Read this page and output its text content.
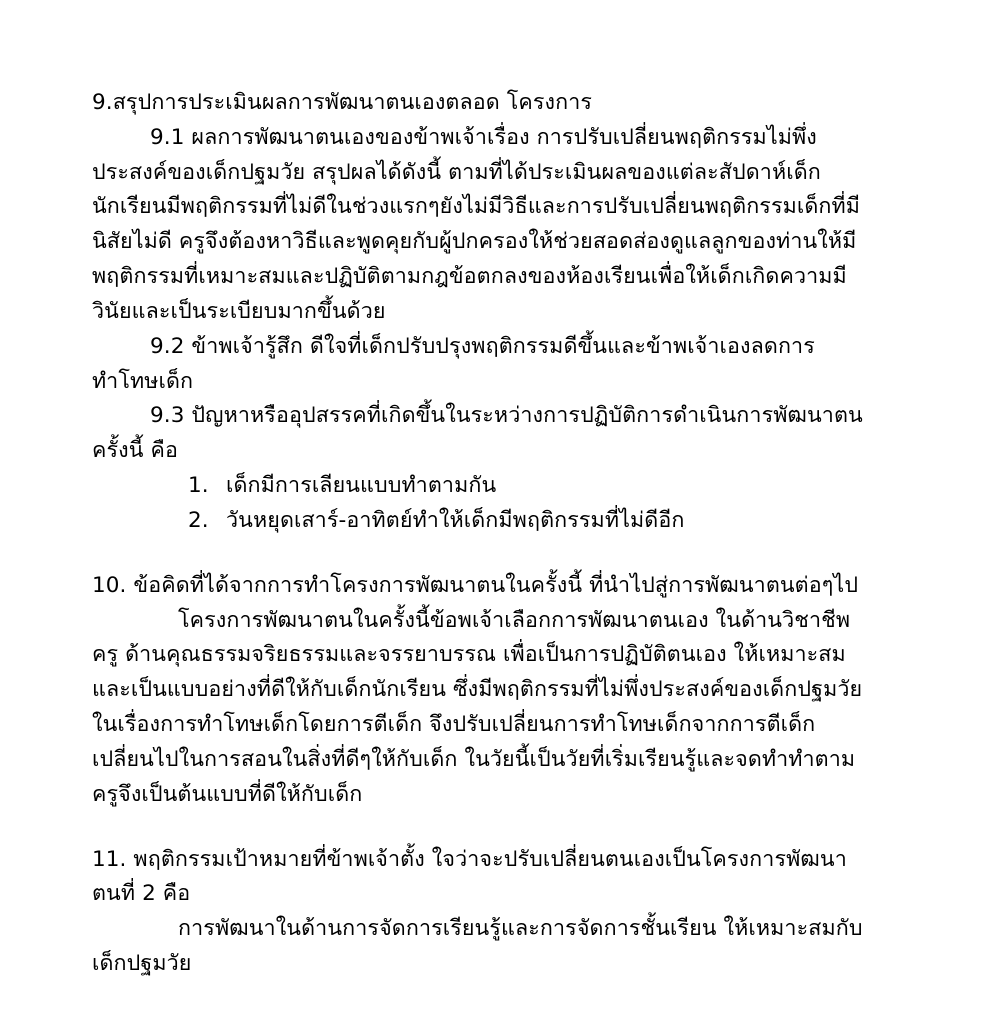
9.สรุปการประเมินผลการพัฒนาตนเองตลอด โครงการ

9.1 ผลการพัฒนาตนเองของข้าพเจ้าเรื่อง การปรับเปลี่ยนพฤติกรรมไม่พึ่งประสงค์ของเด็กปฐมวัย สรุปผลได้ดังนี้ ตามที่ได้ประเมินผลของแต่ละสัปดาห์เด็กนักเรียนมีพฤติกรรมที่ไม่ดีในช่วงแรกๆยังไม่มีวิธีและการปรับเปลี่ยนพฤติกรรมเด็กที่มีนิสัยไม่ดี ครูจึงต้องหาวิธีและพูดคุยกับผู้ปกครองให้ช่วยสอดส่องดูแลลูกของท่านให้มีพฤติกรรมที่เหมาะสมและปฏิบัติตามกฎข้อตกลงของห้องเรียนเพื่อให้เด็กเกิดความมีวินัยและเป็นระเบียบมากขึ้นด้วย

9.2 ข้าพเจ้ารู้สึก ดีใจที่เด็กปรับปรุงพฤติกรรมดีขึ้นและข้าพเจ้าเองลดการทำโทษเด็ก

9.3 ปัญหาหรืออุปสรรคที่เกิดขึ้นในระหว่างการปฏิบัติการดำเนินการพัฒนาตนครั้งนี้ คือ

1. เด็กมีการเลียนแบบทำตามกัน
2. วันหยุดเสาร์-อาทิตย์ทำให้เด็กมีพฤติกรรมที่ไม่ดีอีก

10. ข้อคิดที่ได้จากการทำโครงการพัฒนาตนในครั้งนี้ ที่นำไปสู่การพัฒนาตนต่อๆไป

โครงการพัฒนาตนในครั้งนี้ข้อพเจ้าเลือกการพัฒนาตนเอง ในด้านวิชาชีพครู ด้านคุณธรรมจริยธรรมและจรรยาบรรณ เพื่อเป็นการปฏิบัติตนเอง ให้เหมาะสมและเป็นแบบอย่างที่ดีให้กับเด็กนักเรียน ซึ่งมีพฤติกรรมที่ไม่พึ่งประสงค์ของเด็กปฐมวัยในเรื่องการทำโทษเด็กโดยการตีเด็ก จึงปรับเปลี่ยนการทำโทษเด็กจากการตีเด็กเปลี่ยนไปในการสอนในสิ่งที่ดีๆให้กับเด็ก ในวัยนี้เป็นวัยที่เริ่มเรียนรู้และจดทำทำตามครูจึงเป็นต้นแบบที่ดีให้กับเด็ก

11. พฤติกรรมเป้าหมายที่ข้าพเจ้าตั้ง ใจว่าจะปรับเปลี่ยนตนเองเป็นโครงการพัฒนาตนที่ 2 คือ

การพัฒนาในด้านการจัดการเรียนรู้และการจัดการชั้นเรียน ให้เหมาะสมกับเด็กปฐมวัย
